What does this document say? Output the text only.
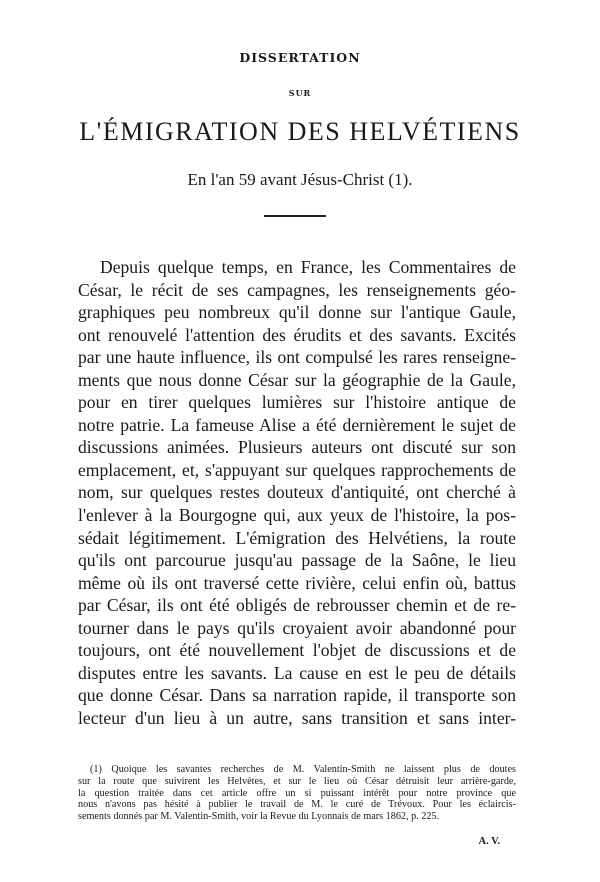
DISSERTATION
SUR
L'ÉMIGRATION DES HELVÉTIENS
En l'an 59 avant Jésus-Christ (1).
Depuis quelque temps, en France, les Commentaires de
César, le récit de ses campagnes, les renseignements géo-
graphiques peu nombreux qu'il donne sur l'antique Gaule,
ont renouvelé l'attention des érudits et des savants. Excités
par une haute influence, ils ont compulsé les rares renseigne-
ments que nous donne César sur la géographie de la Gaule,
pour en tirer quelques lumières sur l'histoire antique de
notre patrie. La fameuse Alise a été dernièrement le sujet de
discussions animées. Plusieurs auteurs ont discuté sur son
emplacement, et, s'appuyant sur quelques rapprochements de
nom, sur quelques restes douteux d'antiquité, ont cherché à
l'enlever à la Bourgogne qui, aux yeux de l'histoire, la pos-
sédait légitimement. L'émigration des Helvétiens, la route
qu'ils ont parcourue jusqu'au passage de la Saône, le lieu
même où ils ont traversé cette rivière, celui enfin où, battus
par César, ils ont été obligés de rebrousser chemin et de re-
tourner dans le pays qu'ils croyaient avoir abandonné pour
toujours, ont été nouvellement l'objet de discussions et de
disputes entre les savants. La cause en est le peu de détails
que donne César. Dans sa narration rapide, il transporte son
lecteur d'un lieu à un autre, sans transition et sans inter-
(1) Quoique les savantes recherches de M. Valentin-Smith ne laissent plus de doutes
sur la route que suivirent les Helvètes, et sur le lieu où César détruisit leur arrière-garde,
la question traitée dans cet article offre un si puissant intérêt pour notre province que
nous n'avons pas hésité à publier le travail de M. le curé de Trévoux. Pour les éclaircis-
sements donnés par M. Valentin-Smith, voir la Revue du Lyonnais de mars 1862, p. 225.
A. V.
